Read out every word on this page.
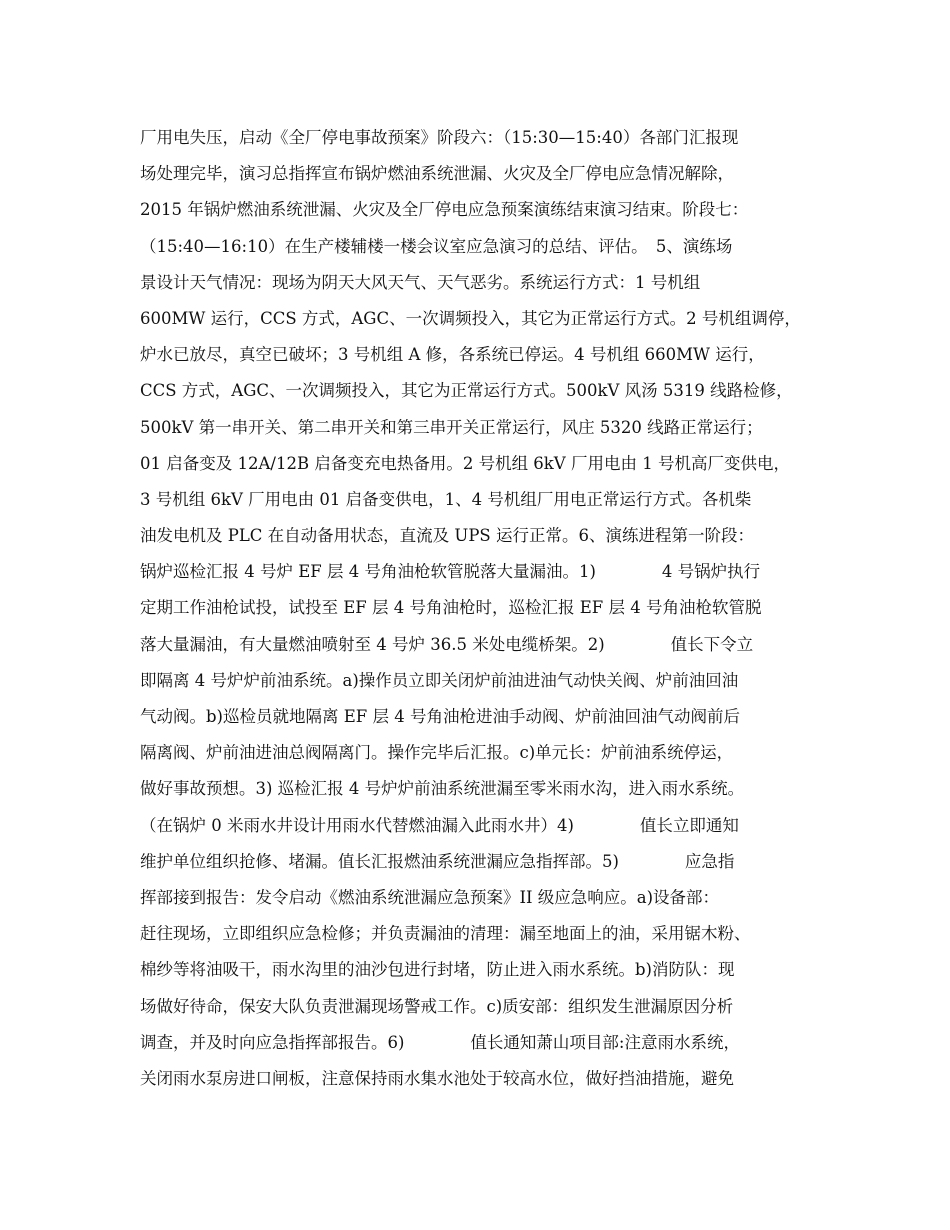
厂用电失压，启动《全厂停电事故预案》阶段六：（15:30—15:40）各部门汇报现
场处理完毕，演习总指挥宣布锅炉燃油系统泄漏、火灾及全厂停电应急情况解除，
2015 年锅炉燃油系统泄漏、火灾及全厂停电应急预案演练结束演习结束。阶段七：
（15:40—16:10）在生产楼辅楼一楼会议室应急演习的总结、评估。　5、演练场
景设计天气情况：现场为阴天大风天气、天气恶劣。系统运行方式：1 号机组
600MW 运行，CCS 方式，AGC、一次调频投入，其它为正常运行方式。2 号机组调停，
炉水已放尽，真空已破坏；3 号机组 A 修，各系统已停运。4 号机组 660MW 运行，
CCS 方式，AGC、一次调频投入，其它为正常运行方式。500kV 风汤 5319 线路检修，
500kV 第一串开关、第二串开关和第三串开关正常运行，风庄 5320 线路正常运行；
01 启备变及 12A/12B 启备变充电热备用。2 号机组 6kV 厂用电由 1 号机高厂变供电，
3 号机组 6kV 厂用电由 01 启备变供电，1、4 号机组厂用电正常运行方式。各机柴
油发电机及 PLC 在自动备用状态，直流及 UPS 运行正常。6、演练进程第一阶段：
锅炉巡检汇报 4 号炉 EF 层 4 号角油枪软管脱落大量漏油。1)　　　　4 号锅炉执行
定期工作油枪试投，试投至 EF 层 4 号角油枪时，巡检汇报 EF 层 4 号角油枪软管脱
落大量漏油，有大量燃油喷射至 4 号炉 36.5 米处电缆桥架。2)　　　　值长下令立
即隔离 4 号炉炉前油系统。a)操作员立即关闭炉前油进油气动快关阀、炉前油回油
气动阀。b)巡检员就地隔离 EF 层 4 号角油枪进油手动阀、炉前油回油气动阀前后
隔离阀、炉前油进油总阀隔离门。操作完毕后汇报。c)单元长：炉前油系统停运，
做好事故预想。3) 巡检汇报 4 号炉炉前油系统泄漏至零米雨水沟，进入雨水系统。
（在锅炉 0 米雨水井设计用雨水代替燃油漏入此雨水井）4)　　　　值长立即通知
维护单位组织抢修、堵漏。值长汇报燃油系统泄漏应急指挥部。5)　　　　应急指
挥部接到报告：发令启动《燃油系统泄漏应急预案》II 级应急响应。a)设备部：
赶往现场，立即组织应急检修；并负责漏油的清理：漏至地面上的油，采用锯木粉、
棉纱等将油吸干，雨水沟里的油沙包进行封堵，防止进入雨水系统。b)消防队：现
场做好待命，保安大队负责泄漏现场警戒工作。c)质安部：组织发生泄漏原因分析
调查，并及时向应急指挥部报告。6)　　　　值长通知萧山项目部:注意雨水系统，
关闭雨水泵房进口闸板，注意保持雨水集水池处于较高水位，做好挡油措施，避免
